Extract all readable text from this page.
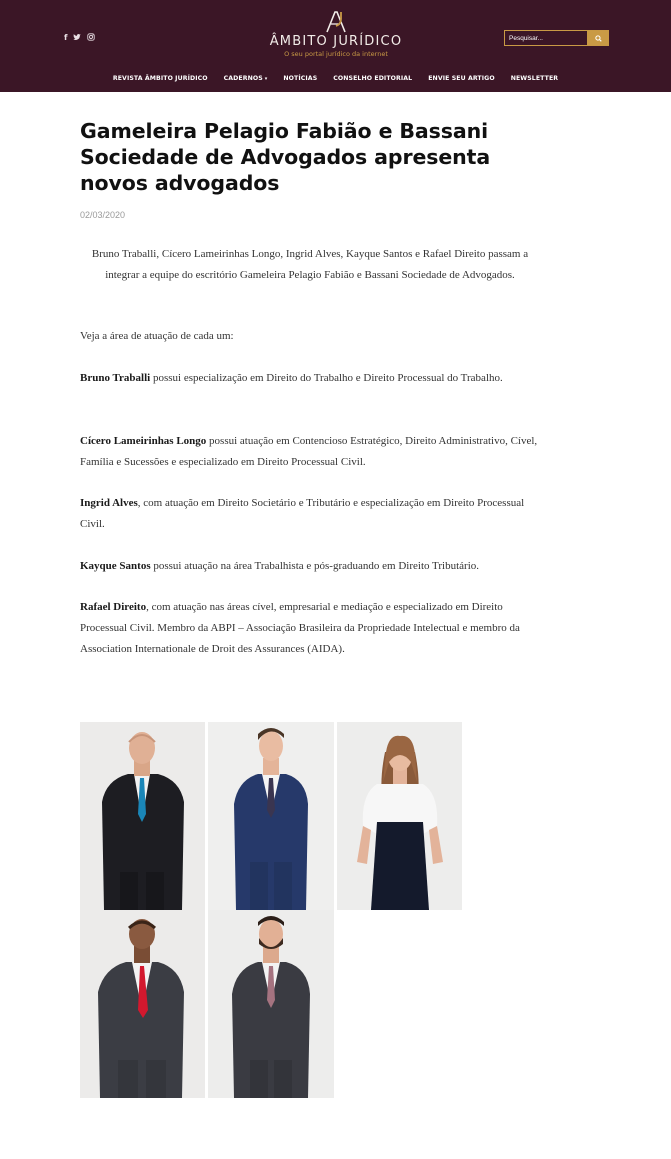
f	ÂMBITO JURÍDICO
O seu portal jurídico da internet
Pesquisar...
REVISTA ÂMBITO JURÍDICO	CADERNOS ▾	NOTÍCIAS	CONSELHO EDITORIAL	ENVIE SEU ARTIGO	NEWSLETTER
Gameleira Pelagio Fabião e Bassani Sociedade de Advogados apresenta novos advogados
02/03/2020

Bruno Traballi, Cícero Lameirinhas Longo, Ingrid Alves, Kayque Santos e Rafael Direito passam a integrar a equipe do escritório Gameleira Pelagio Fabião e Bassani Sociedade de Advogados.

Veja a área de atuação de cada um:

Bruno Traballi possui especialização em Direito do Trabalho e Direito Processual do Trabalho.

Cícero Lameirinhas Longo possui atuação em Contencioso Estratégico, Direito Administrativo, Cível, Família e Sucessões e especializado em Direito Processual Civil.

Ingrid Alves, com atuação em Direito Societário e Tributário e especialização em Direito Processual Civil.

Kayque Santos possui atuação na área Trabalhista e pós-graduando em Direito Tributário.

Rafael Direito, com atuação nas áreas cível, empresarial e mediação e especializado em Direito Processual Civil. Membro da ABPI – Associação Brasileira da Propriedade Intelectual e membro da Association Internationale de Droit des Assurances (AIDA).
